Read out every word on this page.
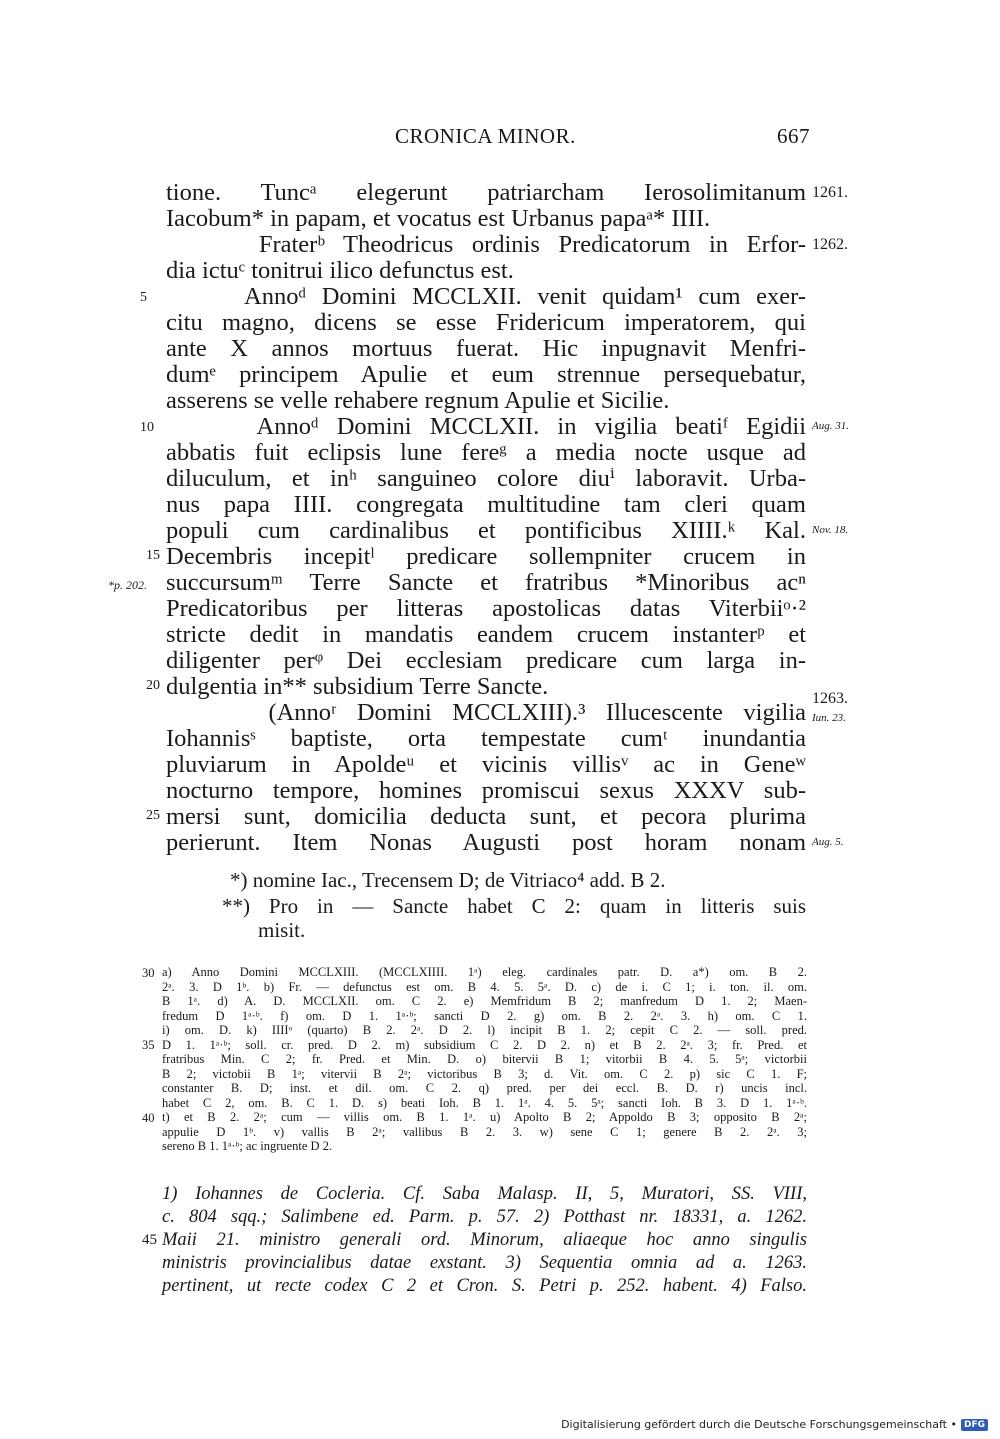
CRONICA MINOR.	667
tione. Tuncᵃ elegerunt patriarcham Ierosolimitanum
Iacobum* in papam, et vocatus est Urbanus papaᵃ* IIII.
Fraterᵇ Theodricus ordinis Predicatorum in Erfor-
dia ictuᶜ tonitrui ilico defunctus est.
Annoᵈ Domini MCCLXII. venit quidam¹ cum exer-
citu magno, dicens se esse Fridericum imperatorem, qui
ante X annos mortuus fuerat. Hic inpugnavit Menfri-
dumᵉ principem Apulie et eum strennue persequebatur,
asserens se velle rehabere regnum Apulie et Sicilie.
Annoᵈ Domini MCCLXII. in vigilia beatiᶠ Egidii
abbatis fuit eclipsis lune fereᵍ a media nocte usque ad
diluculum, et inʰ sanguineo colore diuⁱ laboravit. Urba-
nus papa IIII. congregata multitudine tam cleri quam
populi cum cardinalibus et pontificibus XIIII.ᵏ Kal.
Decembris incepitˡ predicare sollempniter crucem in
succursumᵐ Terre Sancte et fratribus *Minoribus acⁿ
Predicatoribus per litteras apostolicas datas Viterbiiᵒ·²
stricte dedit in mandatis eandem crucem instanterᵖ et
diligenter perᵠ Dei ecclesiam predicare cum larga in-
dulgentia in** subsidium Terre Sancte.
(Annoʳ Domini MCCLXIII).³ Illucescente vigilia
Iohannisˢ baptiste, orta tempestate cumᵗ inundantia
pluviarum in Apoldeᵘ et vicinis villisᵛ ac in Geneʷ
nocturno tempore, homines promiscui sexus XXXV sub-
mersi sunt, domicilia deducta sunt, et pecora plurima
perierunt. Item Nonas Augusti post horam nonam
5
10
15
20
25
1261.
1262.
Aug. 31.
Nov. 18.
1263.
Iun. 23.
Aug. 5.
*p. 202.
*) nomine Iac., Trecensem D; de Vitriaco⁴ add. B 2.
**) Pro in — Sancte habet C 2: quam in litteris suis
misit.
30
35
40
a) Anno Domini MCCLXIII. (MCCLXIIII. 1ᵃ) eleg. cardinales patr. D. a*) om. B 2.
2ᵃ. 3. D 1ᵇ. b) Fr. — defunctus est om. B 4. 5. 5ᵃ. D. c) de i. C 1; i. ton. il. om.
B 1ᵃ. d) A. D. MCCLXII. om. C 2. e) Memfridum B 2; manfredum D 1. 2; Maen-
fredum D 1ᵃ·ᵇ. f) om. D 1. 1ᵃ·ᵇ; sancti D 2. g) om. B 2. 2ᵃ. 3. h) om. C 1.
i) om. D. k) IIIIᵒ (quarto) B 2. 2ᵃ. D 2. l) incipit B 1. 2; cepit C 2. — soll. pred.
D 1. 1ᵃ·ᵇ; soll. cr. pred. D 2. m) subsidium C 2. D 2. n) et B 2. 2ᵃ. 3; fr. Pred. et
fratribus Min. C 2; fr. Pred. et Min. D. o) bitervii B 1; vitorbii B 4. 5. 5ᵃ; victorbii
B 2; victobii B 1ᵃ; vitervii B 2ᵃ; victoribus B 3; d. Vit. om. C 2. p) sic C 1. F;
constanter B. D; inst. et dil. om. C 2. q) pred. per dei eccl. B. D. r) uncis incl.
habet C 2, om. B. C 1. D. s) beati Ioh. B 1. 1ᵃ. 4. 5. 5ᵃ; sancti Ioh. B 3. D 1. 1ᵃ·ᵇ.
t) et B 2. 2ᵃ; cum — villis om. B 1. 1ᵃ. u) Apolto B 2; Appoldo B 3; opposito B 2ᵃ;
appulie D 1ᵇ. v) vallis B 2ᵃ; vallibus B 2. 3. w) sene C 1; genere B 2. 2ᵃ. 3;
sereno B 1. 1ᵃ·ᵇ; ac ingruente D 2.
45
1) Iohannes de Cocleria. Cf. Saba Malasp. II, 5, Muratori, SS. VIII,
c. 804 sqq.; Salimbene ed. Parm. p. 57. 2) Potthast nr. 18331, a. 1262.
Maii 21. ministro generali ord. Minorum, aliaeque hoc anno singulis
ministris provincialibus datae exstant. 3) Sequentia omnia ad a. 1263.
pertinent, ut recte codex C 2 et Cron. S. Petri p. 252. habent. 4) Falso.
Digitalisierung gefördert durch die Deutsche Forschungsgemeinschaft • DFG
